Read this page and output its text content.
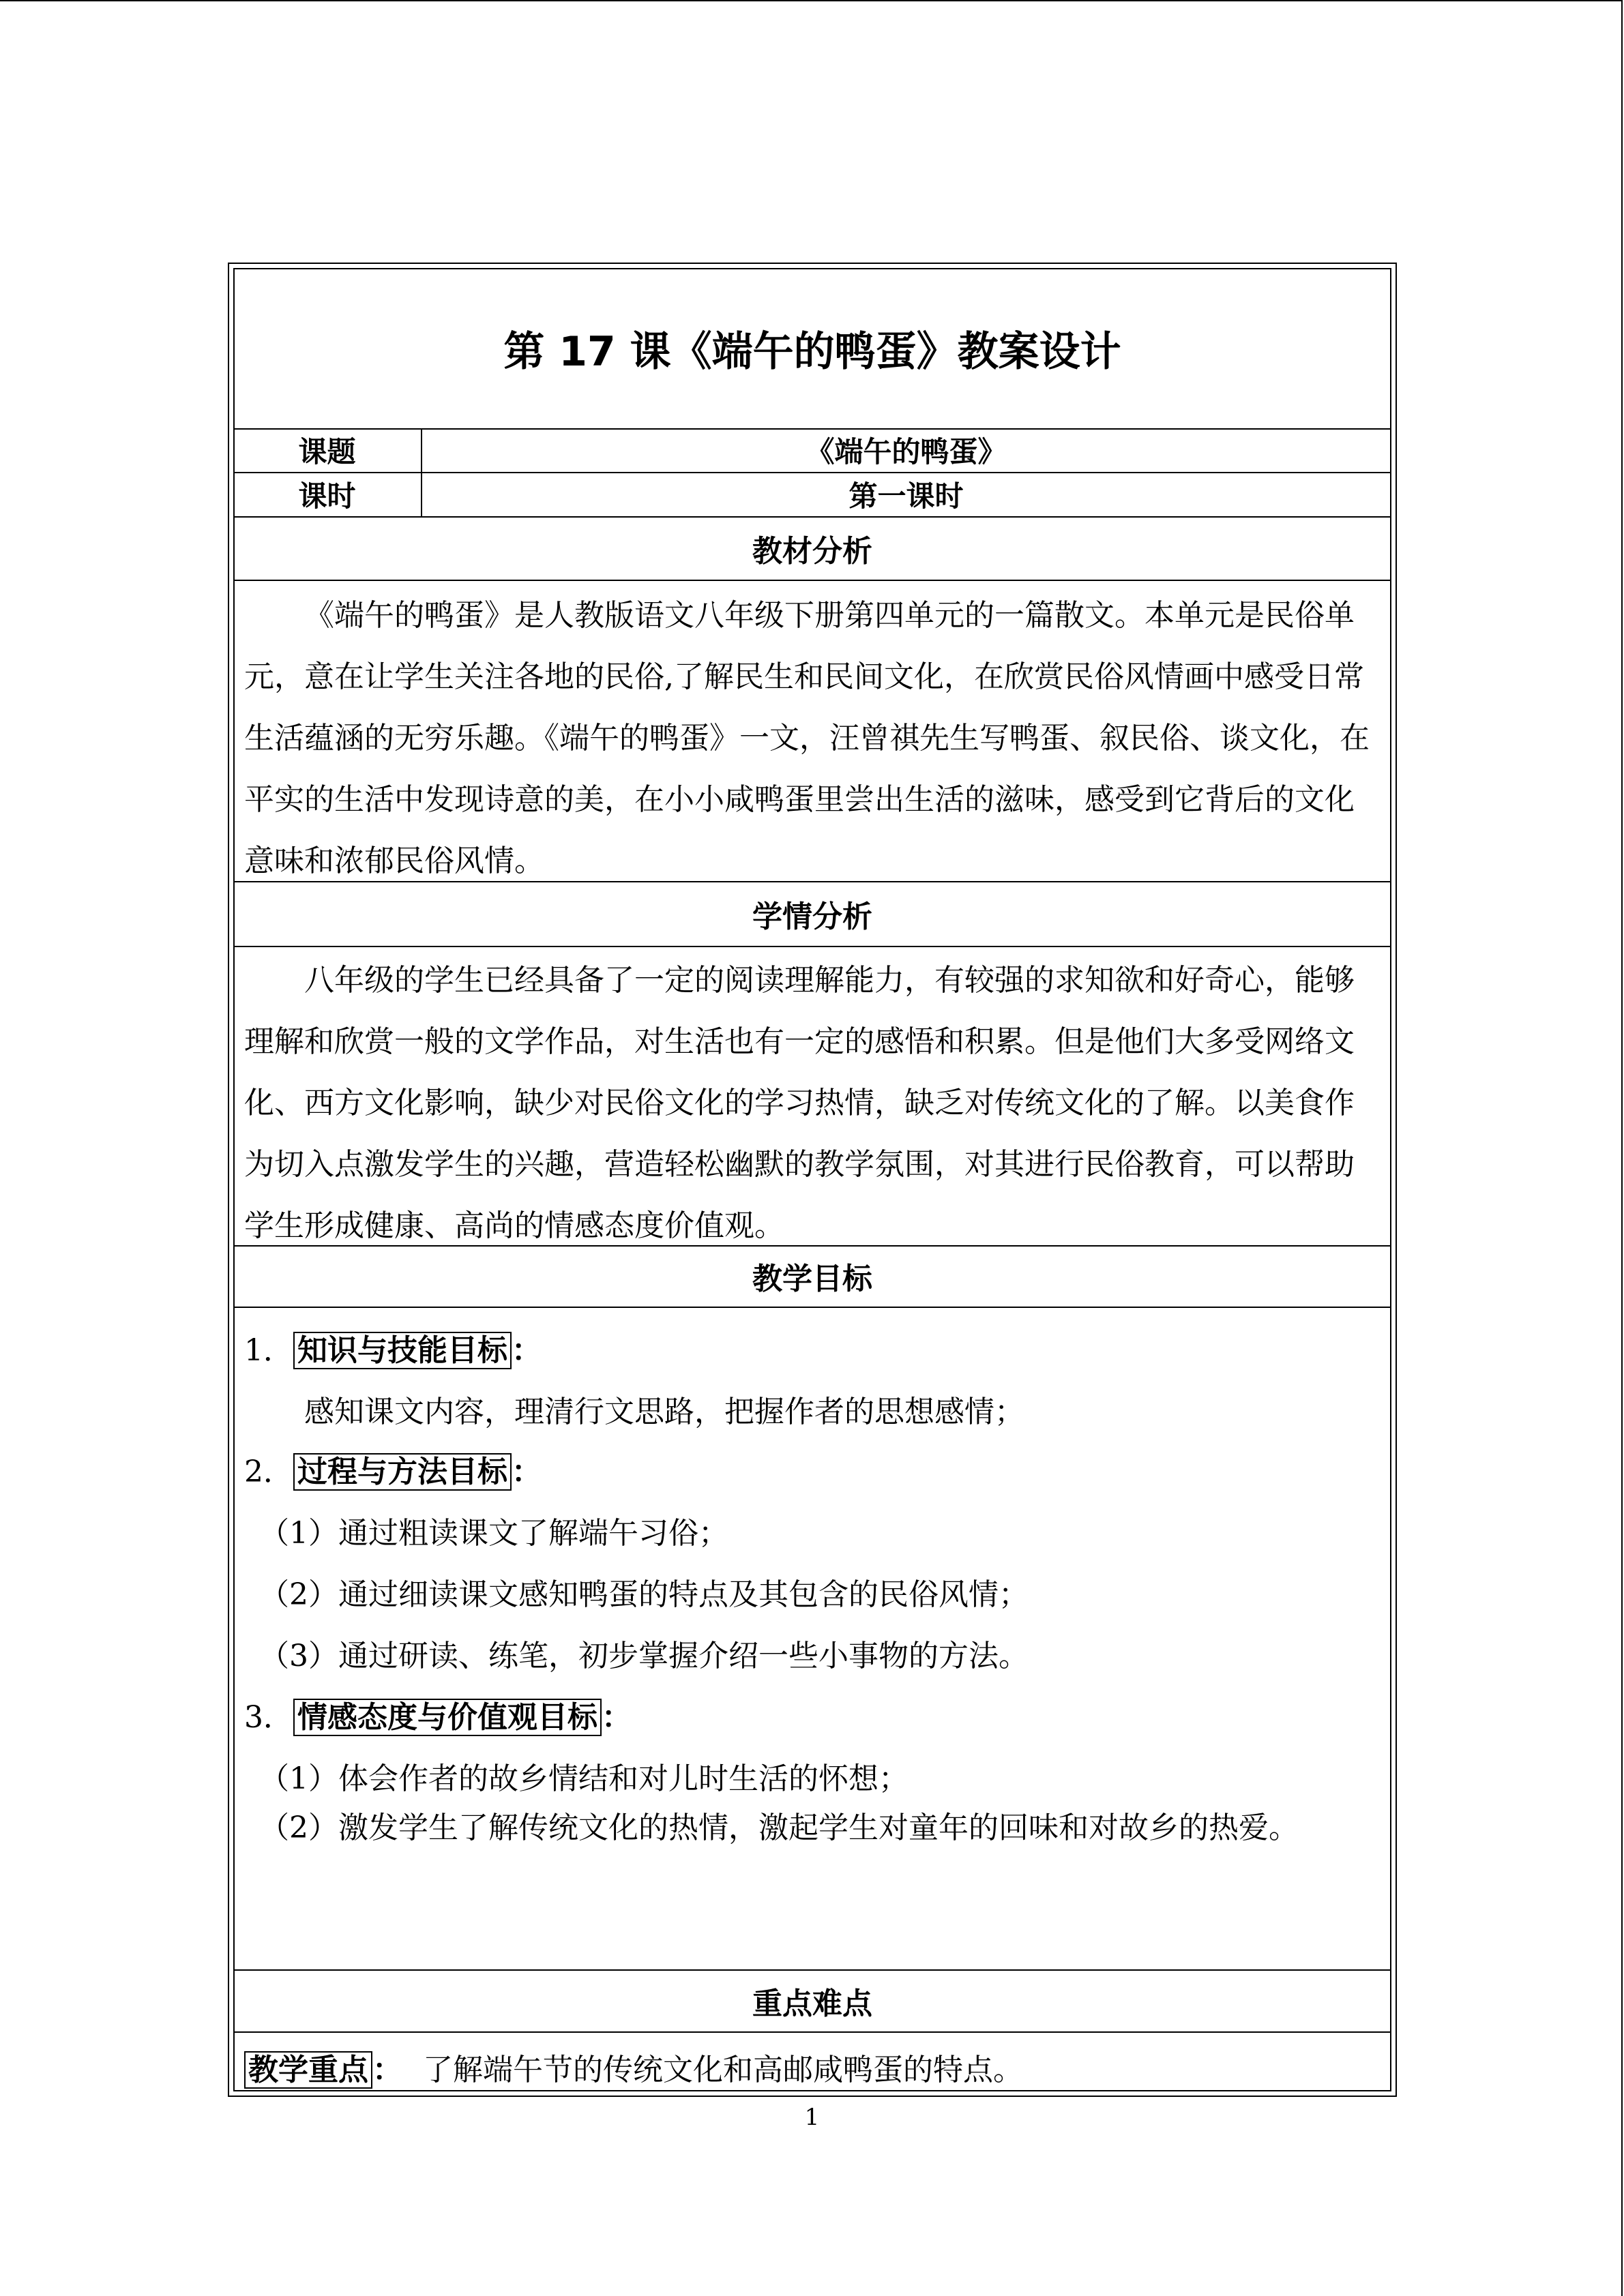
第 17 课《端午的鸭蛋》教案设计
课题	《端午的鸭蛋》
课时	第一课时
教材分析

《端午的鸭蛋》是人教版语文八年级下册第四单元的一篇散文。本单元是民俗单元，意在让学生关注各地的民俗,了解民生和民间文化，在欣赏民俗风情画中感受日常生活蕴涵的无穷乐趣。《端午的鸭蛋》一文，汪曾祺先生写鸭蛋、叙民俗、谈文化，在平实的生活中发现诗意的美，在小小咸鸭蛋里尝出生活的滋味，感受到它背后的文化意味和浓郁民俗风情。

学情分析

八年级的学生已经具备了一定的阅读理解能力，有较强的求知欲和好奇心，能够理解和欣赏一般的文学作品，对生活也有一定的感悟和积累。但是他们大多受网络文化、西方文化影响，缺少对民俗文化的学习热情，缺乏对传统文化的了解。以美食作为切入点激发学生的兴趣，营造轻松幽默的教学氛围，对其进行民俗教育，可以帮助学生形成健康、高尚的情感态度价值观。

教学目标
1． 知识与技能目标 ：
感知课文内容，理清行文思路，把握作者的思想感情；
2． 过程与方法目标 ：
（1）通过粗读课文了解端午习俗；
（2）通过细读课文感知鸭蛋的特点及其包含的民俗风情；
（3）通过研读、练笔，初步掌握介绍一些小事物的方法。
3． 情感态度与价值观目标 ：
（1）体会作者的故乡情结和对儿时生活的怀想；
（2）激发学生了解传统文化的热情，激起学生对童年的回味和对故乡的热爱。
重点难点
教学重点 ： 了解端午节的传统文化和高邮咸鸭蛋的特点。
1
